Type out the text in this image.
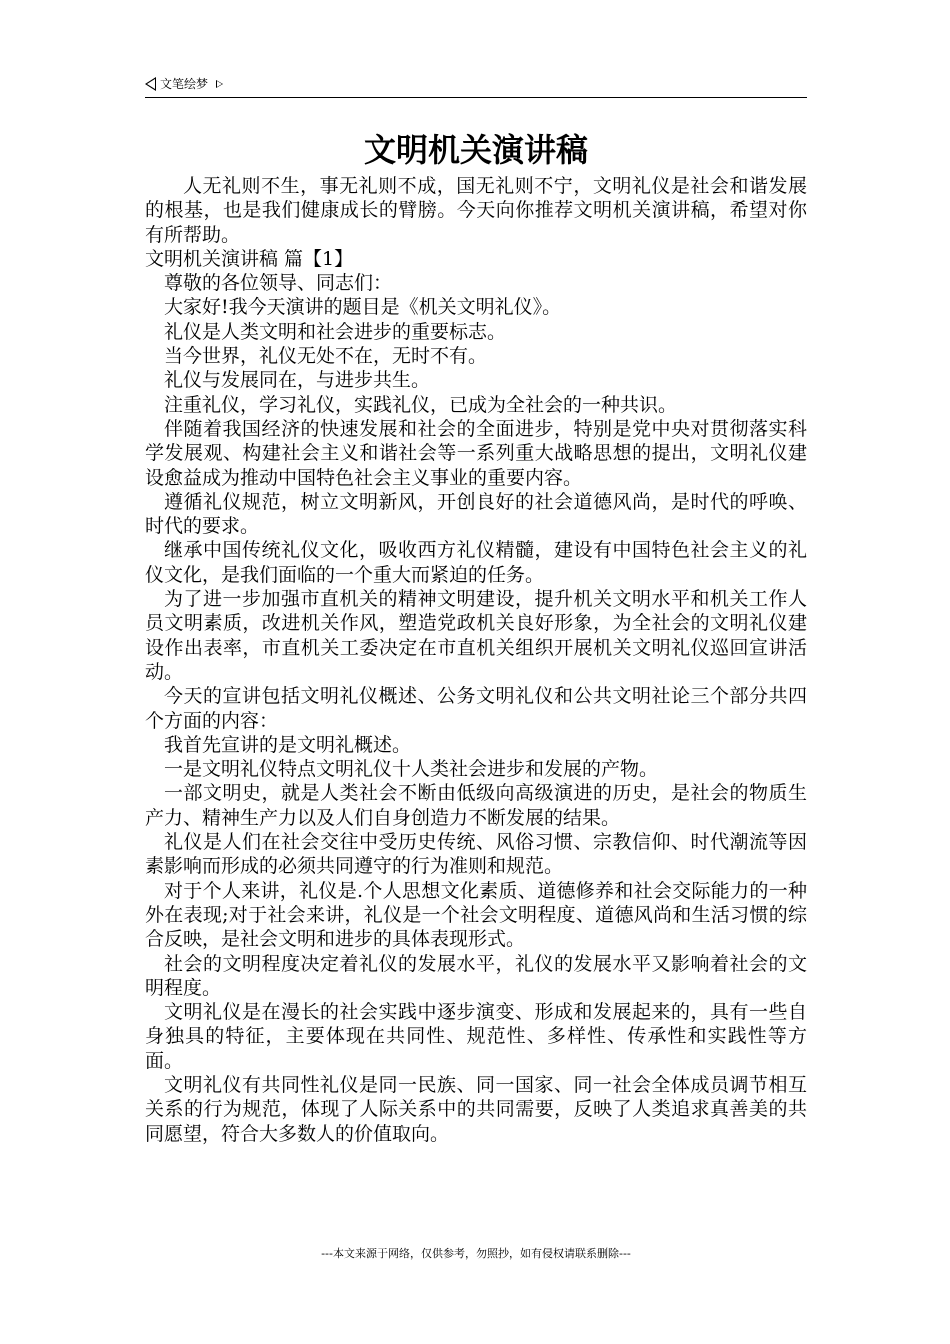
文笔绘梦
文明机关演讲稿

人无礼则不生，事无礼则不成，国无礼则不宁，文明礼仪是社会和谐发展的根基，也是我们健康成长的臂膀。今天向你推荐文明机关演讲稿，希望对你有所帮助。

文明机关演讲稿 篇【1】

尊敬的各位领导、同志们：

大家好!我今天演讲的题目是《机关文明礼仪》。

礼仪是人类文明和社会进步的重要标志。

当今世界，礼仪无处不在，无时不有。

礼仪与发展同在，与进步共生。

注重礼仪，学习礼仪，实践礼仪，已成为全社会的一种共识。

伴随着我国经济的快速发展和社会的全面进步，特别是党中央对贯彻落实科学发展观、构建社会主义和谐社会等一系列重大战略思想的提出，文明礼仪建设愈益成为推动中国特色社会主义事业的重要内容。

遵循礼仪规范，树立文明新风，开创良好的社会道德风尚，是时代的呼唤、时代的要求。

继承中国传统礼仪文化，吸收西方礼仪精髓，建设有中国特色社会主义的礼仪文化，是我们面临的一个重大而紧迫的任务。

为了进一步加强市直机关的精神文明建设，提升机关文明水平和机关工作人员文明素质，改进机关作风，塑造党政机关良好形象，为全社会的文明礼仪建设作出表率，市直机关工委决定在市直机关组织开展机关文明礼仪巡回宣讲活动。

今天的宣讲包括文明礼仪概述、公务文明礼仪和公共文明社论三个部分共四个方面的内容：

我首先宣讲的是文明礼概述。

一是文明礼仪特点文明礼仪十人类社会进步和发展的产物。

一部文明史，就是人类社会不断由低级向高级演进的历史，是社会的物质生产力、精神生产力以及人们自身创造力不断发展的结果。

礼仪是人们在社会交往中受历史传统、风俗习惯、宗教信仰、时代潮流等因素影响而形成的必须共同遵守的行为准则和规范。

对于个人来讲，礼仪是.个人思想文化素质、道德修养和社会交际能力的一种外在表现;对于社会来讲，礼仪是一个社会文明程度、道德风尚和生活习惯的综合反映，是社会文明和进步的具体表现形式。

社会的文明程度决定着礼仪的发展水平，礼仪的发展水平又影响着社会的文明程度。

文明礼仪是在漫长的社会实践中逐步演变、形成和发展起来的，具有一些自身独具的特征，主要体现在共同性、规范性、多样性、传承性和实践性等方面。

文明礼仪有共同性礼仪是同一民族、同一国家、同一社会全体成员调节相互关系的行为规范，体现了人际关系中的共同需要，反映了人类追求真善美的共同愿望，符合大多数人的价值取向。

---本文来源于网络，仅供参考，勿照抄，如有侵权请联系删除---
